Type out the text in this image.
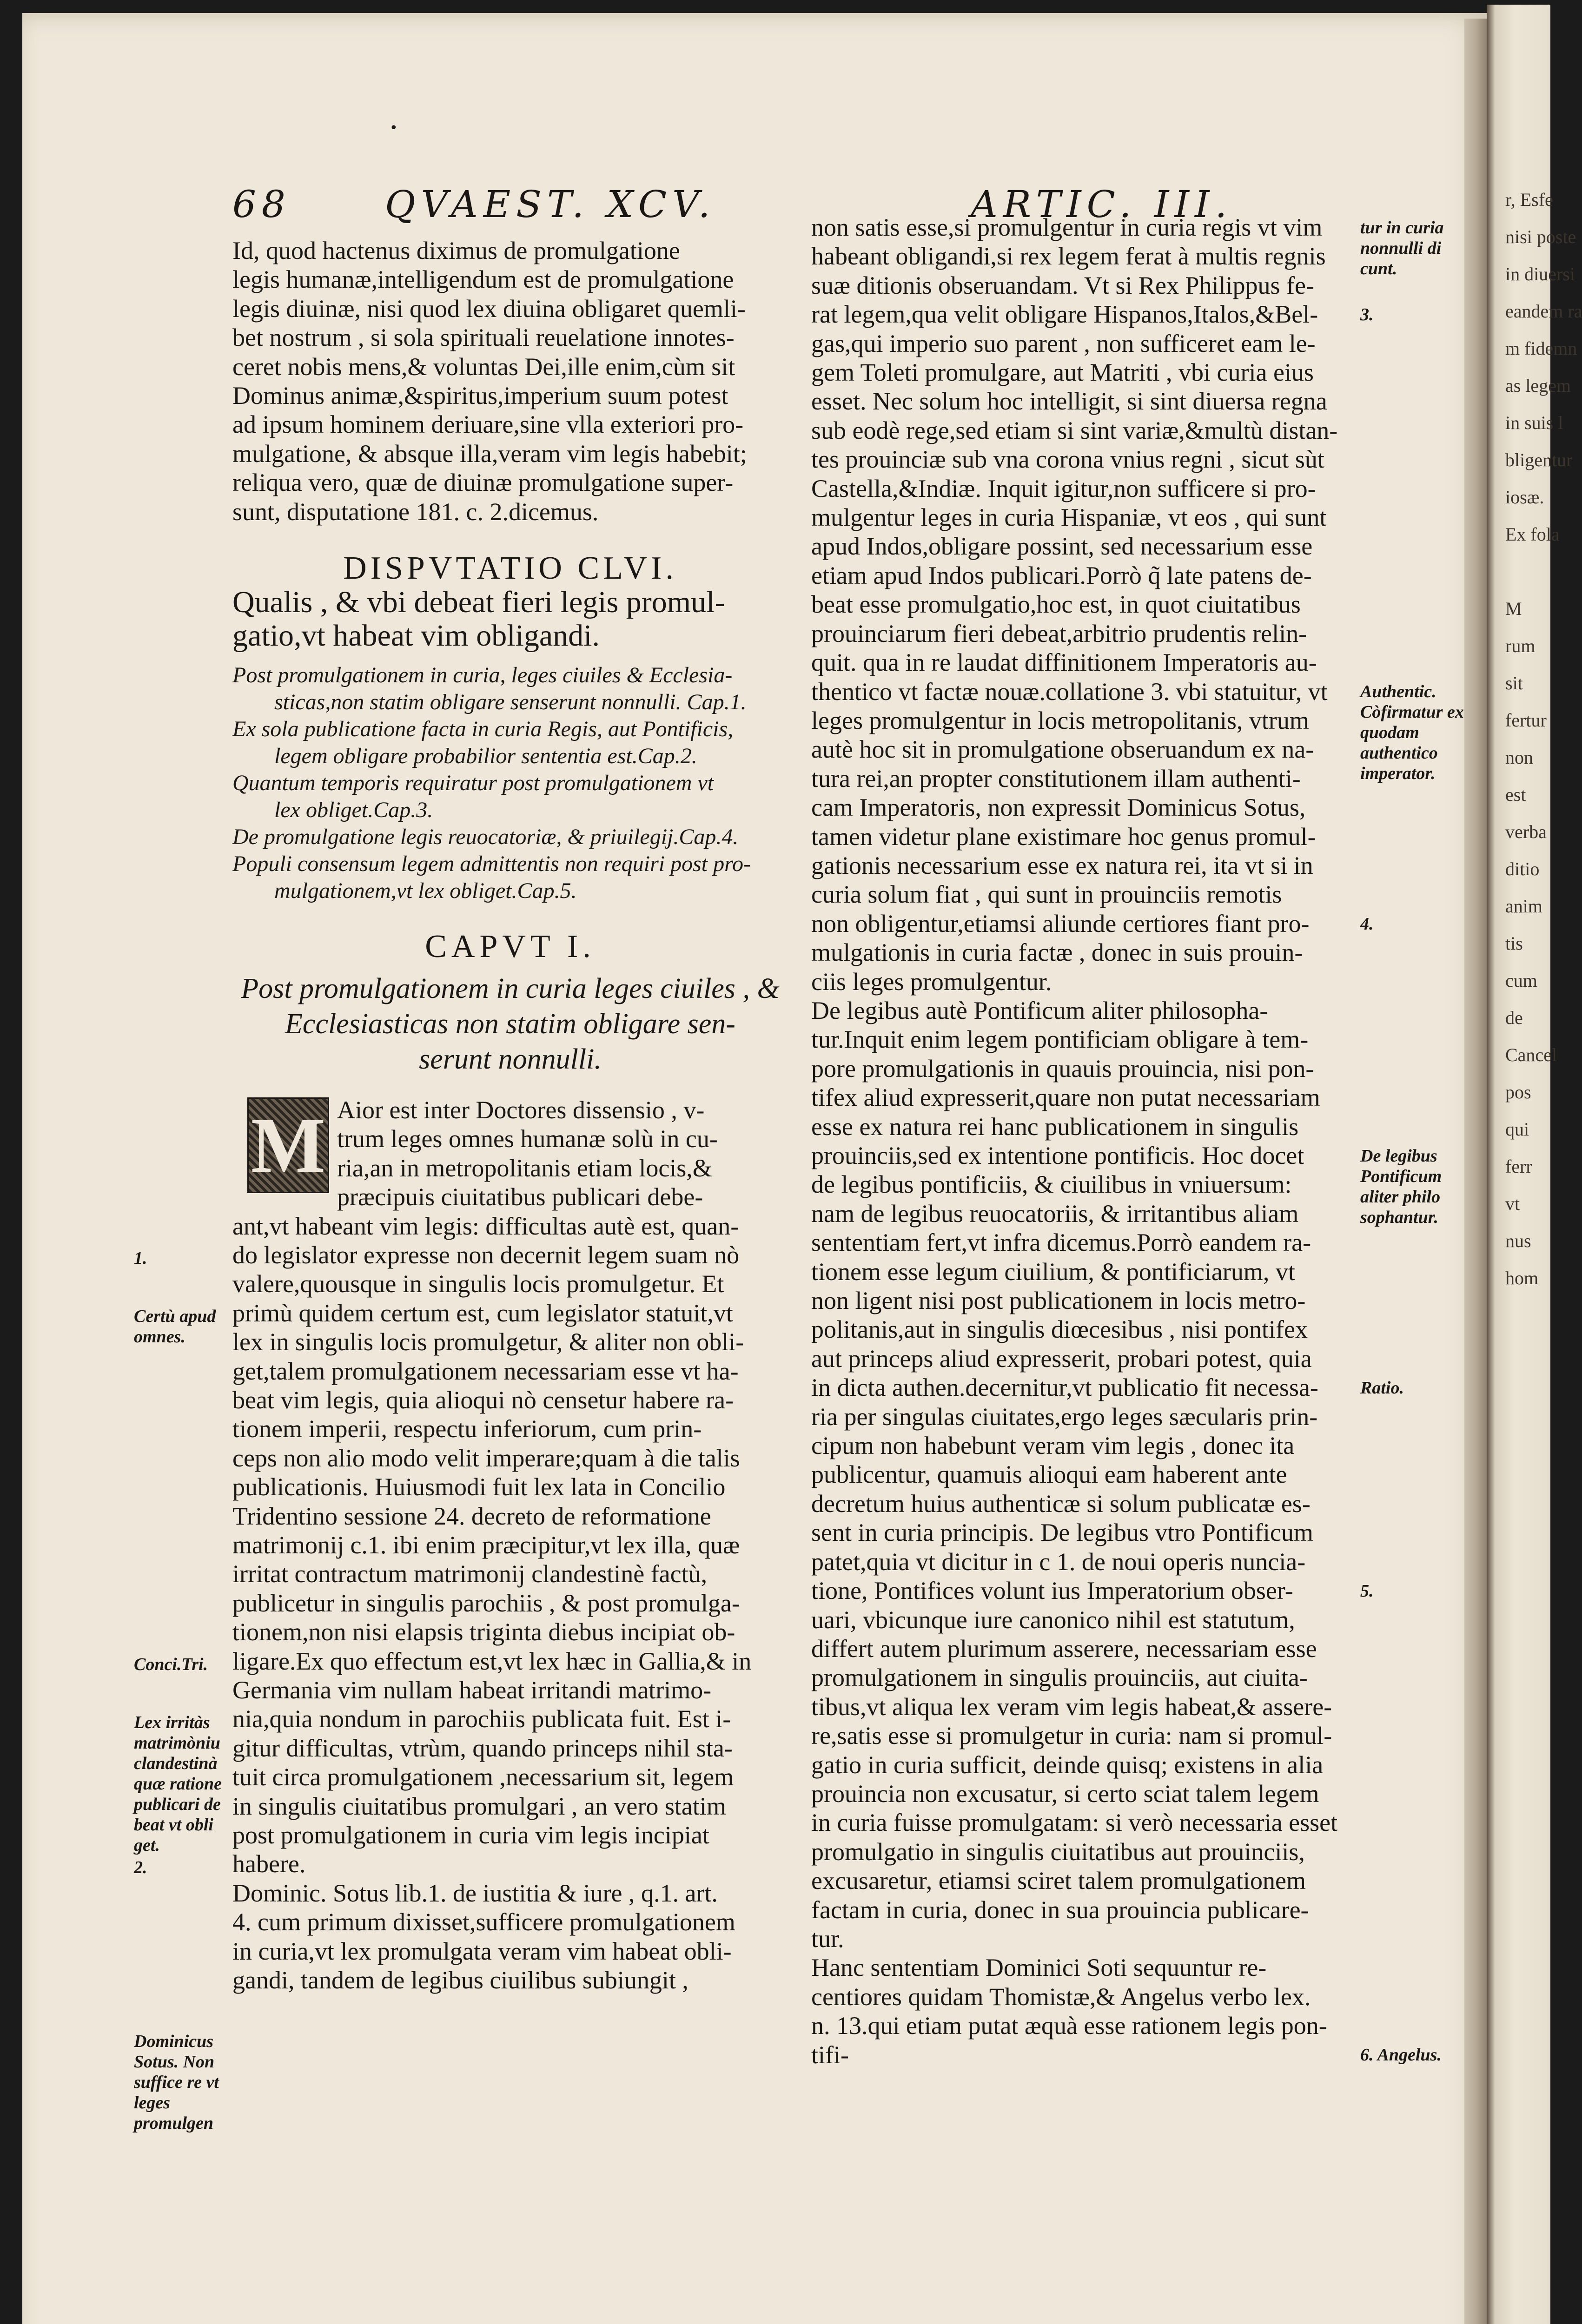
•
68	QVAEST. XCV.	ARTIC. III.
Id, quod hactenus diximus de promulgatione
legis humanæ,intelligendum est de promulgatione
legis diuinæ, nisi quod lex diuina obligaret quemli-
bet nostrum , si sola spirituali reuelatione innotes-
ceret nobis mens,& voluntas Dei,ille enim,cùm sit
Dominus animæ,&spiritus,imperium suum potest
ad ipsum hominem deriuare,sine vlla exteriori pro-
mulgatione, & absque illa,veram vim legis habebit;
reliqua vero, quæ de diuinæ promulgatione super-
sunt, disputatione 181. c. 2.dicemus.
DISPVTATIO CLVI.
Qualis , & vbi debeat fieri legis promul-
gatio,vt habeat vim obligandi.
Post promulgationem in curia, leges ciuiles & Ecclesia-
sticas,non statim obligare senserunt nonnulli. Cap.1.
Ex sola publicatione facta in curia Regis, aut Pontificis,
legem obligare probabilior sententia est.Cap.2.
Quantum temporis requiratur post promulgationem vt
lex obliget.Cap.3.
De promulgatione legis reuocatoriæ, & priuilegij.Cap.4.
Populi consensum legem admittentis non requiri post pro-
mulgationem,vt lex obliget.Cap.5.
CAPVT I.
Post promulgationem in curia leges ciuiles , &
Ecclesiasticas non statim obligare sen-
serunt nonnulli.
M Aior est inter Doctores dissensio , v-
trum leges omnes humanæ solù in cu-
ria,an in metropolitanis etiam locis,&
præcipuis ciuitatibus publicari debe-
ant,vt habeant vim legis: difficultas autè est, quan-
do legislator expresse non decernit legem suam nò
valere,quousque in singulis locis promulgetur. Et
primù quidem certum est, cum legislator statuit,vt
lex in singulis locis promulgetur, & aliter non obli-
get,talem promulgationem necessariam esse vt ha-
beat vim legis, quia alioqui nò censetur habere ra-
tionem imperii, respectu inferiorum, cum prin-
ceps non alio modo velit imperare;quam à die talis
publicationis. Huiusmodi fuit lex lata in Concilio
Tridentino sessione 24. decreto de reformatione
matrimonij c.1. ibi enim præcipitur,vt lex illa, quæ
irritat contractum matrimonij clandestinè factù,
publicetur in singulis parochiis , & post promulga-
tionem,non nisi elapsis triginta diebus incipiat ob-
ligare.Ex quo effectum est,vt lex hæc in Gallia,& in
Germania vim nullam habeat irritandi matrimo-
nia,quia nondum in parochiis publicata fuit. Est i-
gitur difficultas, vtrùm, quando princeps nihil sta-
tuit circa promulgationem ,necessarium sit, legem
in singulis ciuitatibus promulgari , an vero statim
post promulgationem in curia vim legis incipiat
habere.
Dominic. Sotus lib.1. de iustitia & iure , q.1. art.
4. cum primum dixisset,sufficere promulgationem
in curia,vt lex promulgata veram vim habeat obli-
gandi, tandem de legibus ciuilibus subiungit ,
non satis esse,si promulgentur in curia regis vt vim
habeant obligandi,si rex legem ferat à multis regnis
suæ ditionis obseruandam. Vt si Rex Philippus fe-
rat legem,qua velit obligare Hispanos,Italos,&Bel-
gas,qui imperio suo parent , non sufficeret eam le-
gem Toleti promulgare, aut Matriti , vbi curia eius
esset. Nec solum hoc intelligit, si sint diuersa regna
sub eodè rege,sed etiam si sint variæ,&multù distan-
tes prouinciæ sub vna corona vnius regni , sicut sùt
Castella,&Indiæ. Inquit igitur,non sufficere si pro-
mulgentur leges in curia Hispaniæ, vt eos , qui sunt
apud Indos,obligare possint, sed necessarium esse
etiam apud Indos publicari.Porrò q̃ late patens de-
beat esse promulgatio,hoc est, in quot ciuitatibus
prouinciarum fieri debeat,arbitrio prudentis relin-
quit. qua in re laudat diffinitionem Imperatoris au-
thentico vt factæ nouæ.collatione 3. vbi statuitur, vt
leges promulgentur in locis metropolitanis, vtrum
autè hoc sit in promulgatione obseruandum ex na-
tura rei,an propter constitutionem illam authenti-
cam Imperatoris, non expressit Dominicus Sotus,
tamen videtur plane existimare hoc genus promul-
gationis necessarium esse ex natura rei, ita vt si in
curia solum fiat , qui sunt in prouinciis remotis
non obligentur,etiamsi aliunde certiores fiant pro-
mulgationis in curia factæ , donec in suis prouin-
ciis leges promulgentur.
De legibus autè Pontificum aliter philosopha-
tur.Inquit enim legem pontificiam obligare à tem-
pore promulgationis in quauis prouincia, nisi pon-
tifex aliud expresserit,quare non putat necessariam
esse ex natura rei hanc publicationem in singulis
prouinciis,sed ex intentione pontificis. Hoc docet
de legibus pontificiis, & ciuilibus in vniuersum:
nam de legibus reuocatoriis, & irritantibus aliam
sententiam fert,vt infra dicemus.Porrò eandem ra-
tionem esse legum ciuilium, & pontificiarum, vt
non ligent nisi post publicationem in locis metro-
politanis,aut in singulis diœcesibus , nisi pontifex
aut princeps aliud expresserit, probari potest, quia
in dicta authen.decernitur,vt publicatio fit necessa-
ria per singulas ciuitates,ergo leges sæcularis prin-
cipum non habebunt veram vim legis , donec ita
publicentur, quamuis alioqui eam haberent ante
decretum huius authenticæ si solum publicatæ es-
sent in curia principis. De legibus vtro Pontificum
patet,quia vt dicitur in c 1. de noui operis nuncia-
tione, Pontifices volunt ius Imperatorium obser-
uari, vbicunque iure canonico nihil est statutum,
differt autem plurimum asserere, necessariam esse
promulgationem in singulis prouinciis, aut ciuita-
tibus,vt aliqua lex veram vim legis habeat,& assere-
re,satis esse si promulgetur in curia: nam si promul-
gatio in curia sufficit, deinde quisq; existens in alia
prouincia non excusatur, si certo sciat talem legem
in curia fuisse promulgatam: si verò necessaria esset
promulgatio in singulis ciuitatibus aut prouinciis,
excusaretur, etiamsi sciret talem promulgationem
factam in curia, donec in sua prouincia publicare-
tur.
Hanc sententiam Dominici Soti sequuntur re-
centiores quidam Thomistæ,& Angelus verbo lex.
n. 13.qui etiam putat æquà esse rationem legis pon-
tifi-
1.
Certù apud omnes.
Conci.Tri.
Lex irritàs matrimòniu clandestinà quæ ratione publicari de beat vt obli get.
2.
Dominicus Sotus. Non suffice re vt leges promulgen
tur in curia nonnulli di cunt.
3.
Authentic. Còfirmatur ex quodam authentico imperator.
4.
De legibus Pontificum aliter philo sophantur.
Ratio.
5.
6. Angelus.
r, Esfe
nisi poste
in diuersi
eandem ra
m fidemn
as legem
in suis l
bligentur
iosæ.
Ex fola
M
rum
sit
fertur
non
est
verba
ditio
anim
tis
cum
de
Cancel
pos
qui
ferr
vt
nus
hom
